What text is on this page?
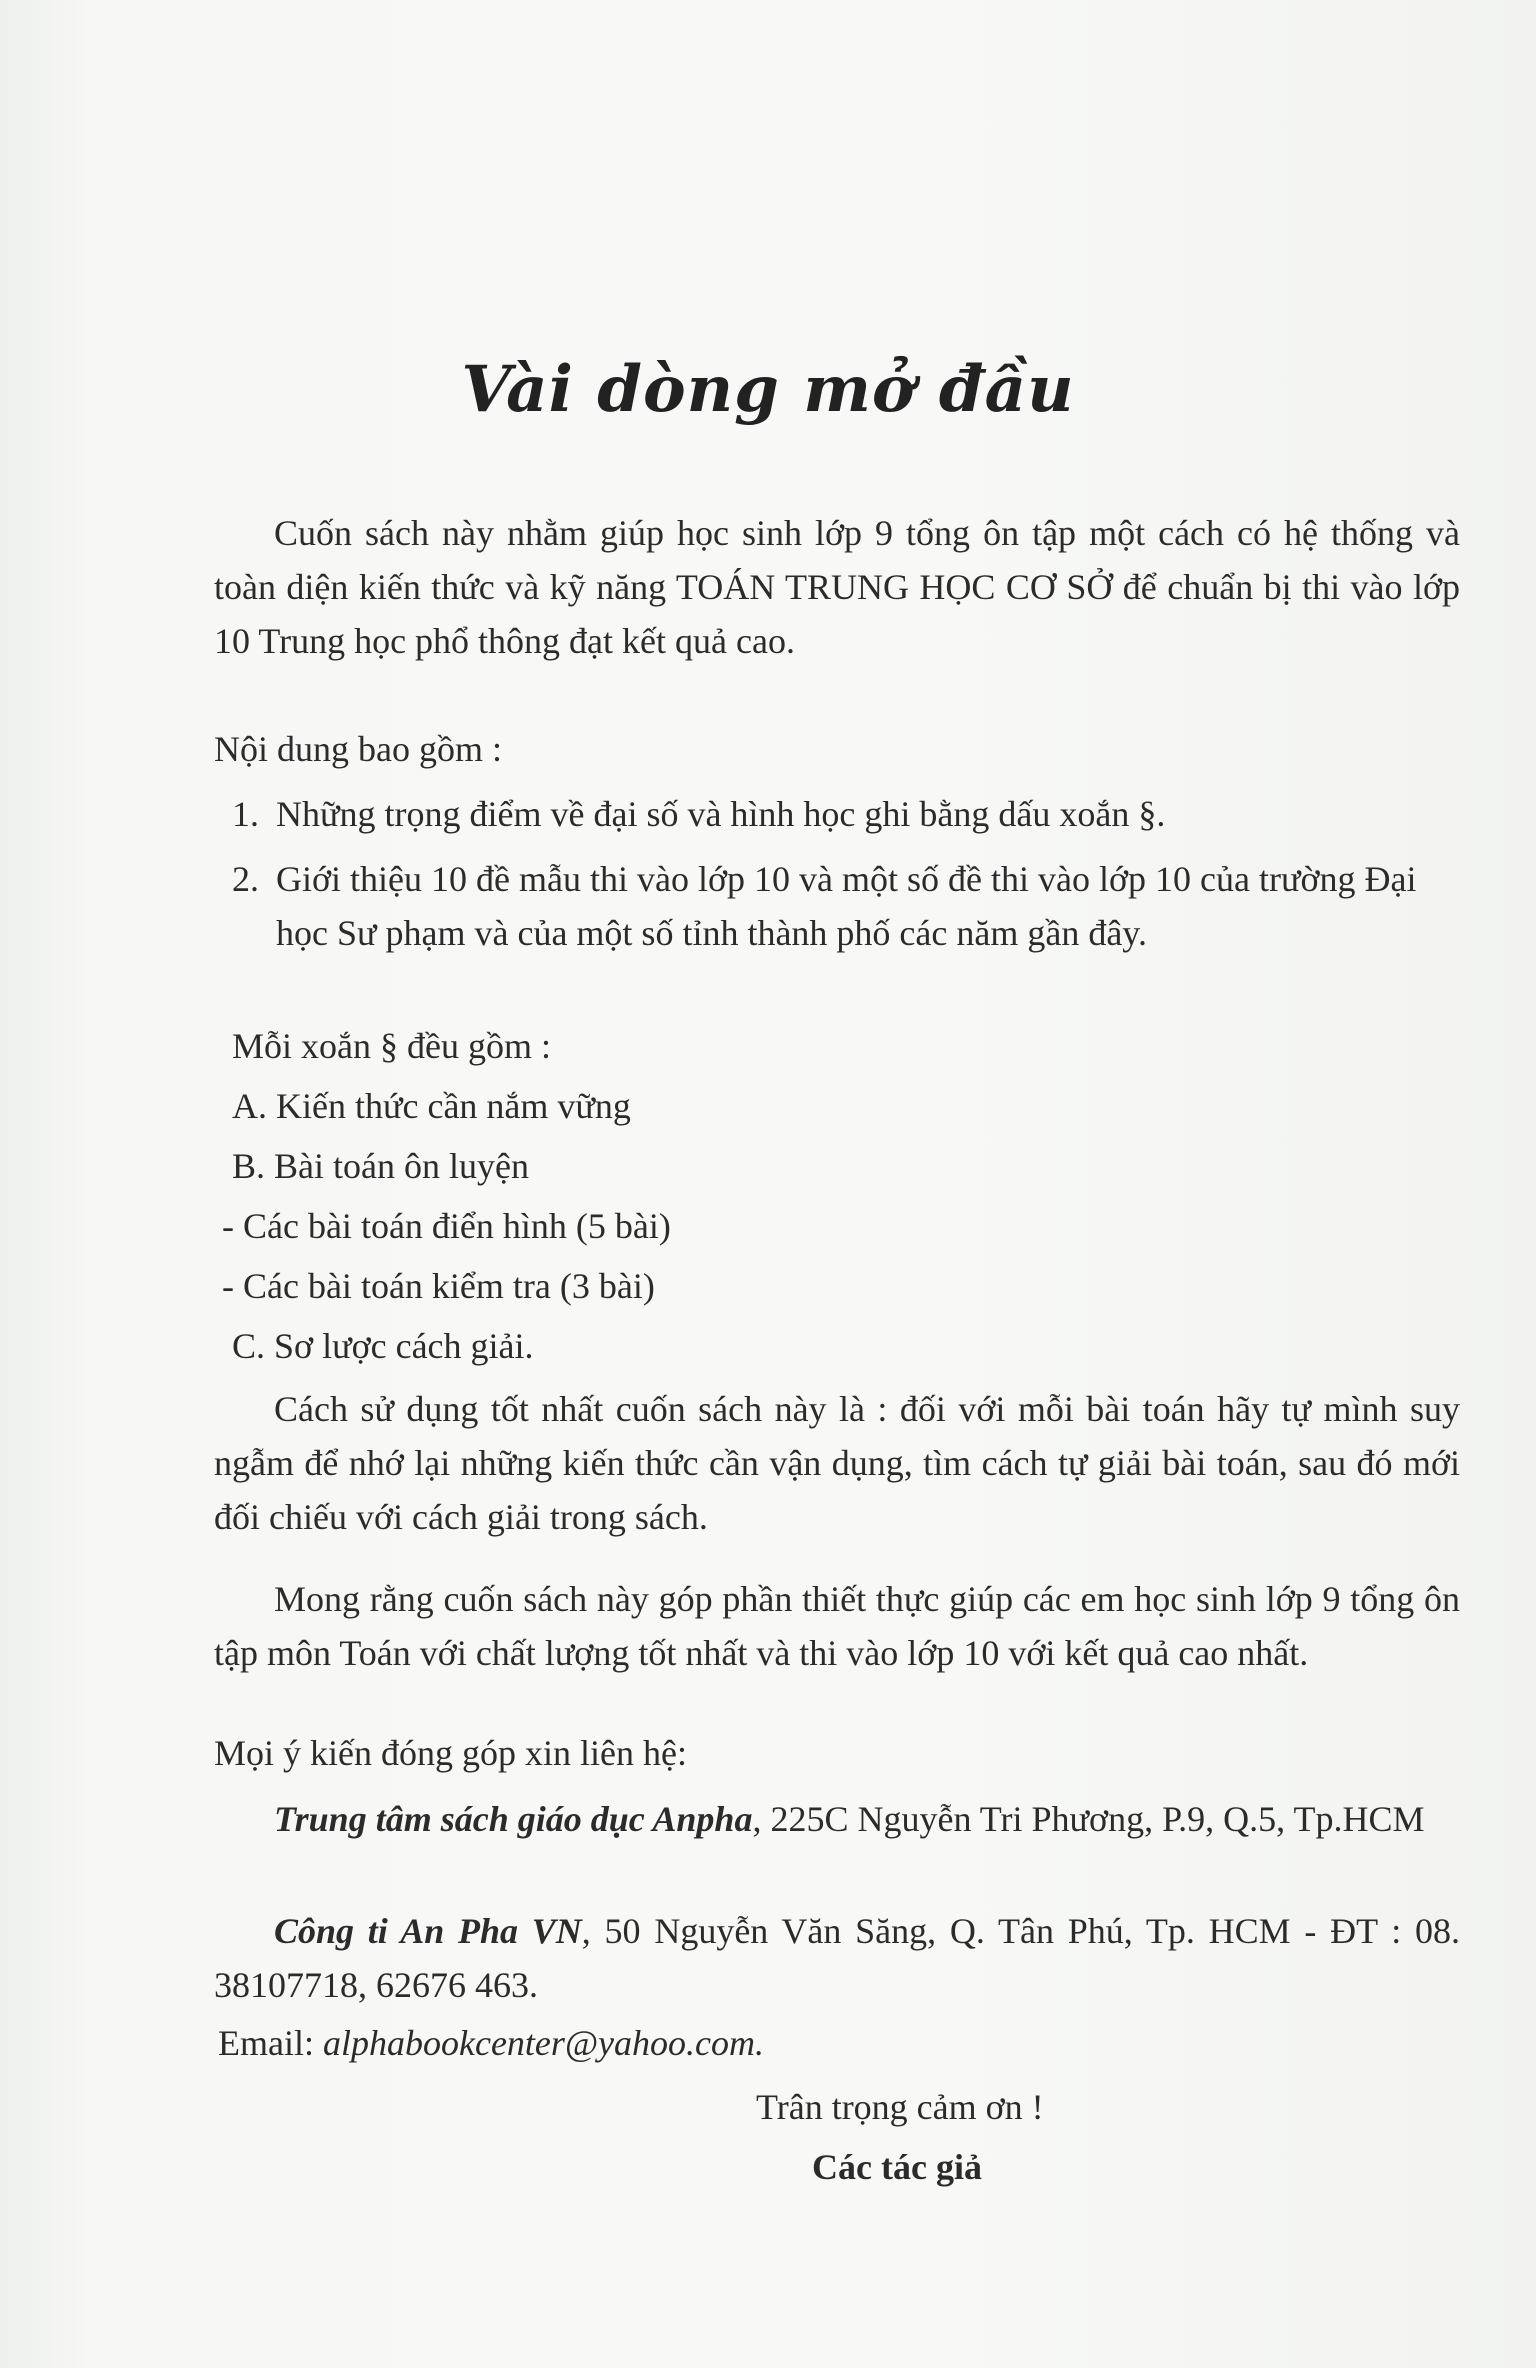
Vài dòng mở đầu
Cuốn sách này nhằm giúp học sinh lớp 9 tổng ôn tập một cách có hệ thống và toàn diện kiến thức và kỹ năng TOÁN TRUNG HỌC CƠ SỞ để chuẩn bị thi vào lớp 10 Trung học phổ thông đạt kết quả cao.
Nội dung bao gồm :
1. Những trọng điểm về đại số và hình học ghi bằng dấu xoắn §.
2. Giới thiệu 10 đề mẫu thi vào lớp 10 và một số đề thi vào lớp 10 của trường Đại học Sư phạm và của một số tỉnh thành phố các năm gần đây.
Mỗi xoắn § đều gồm :
A. Kiến thức cần nắm vững
B. Bài toán ôn luyện
- Các bài toán điển hình (5 bài)
- Các bài toán kiểm tra (3 bài)
C. Sơ lược cách giải.
Cách sử dụng tốt nhất cuốn sách này là : đối với mỗi bài toán hãy tự mình suy ngẫm để nhớ lại những kiến thức cần vận dụng, tìm cách tự giải bài toán, sau đó mới đối chiếu với cách giải trong sách.
Mong rằng cuốn sách này góp phần thiết thực giúp các em học sinh lớp 9 tổng ôn tập môn Toán với chất lượng tốt nhất và thi vào lớp 10 với kết quả cao nhất.
Mọi ý kiến đóng góp xin liên hệ:
Trung tâm sách giáo dục Anpha, 225C Nguyễn Tri Phương, P.9, Q.5, Tp.HCM
Công ti An Pha VN, 50 Nguyễn Văn Săng, Q. Tân Phú, Tp. HCM - ĐT : 08. 38107718, 62676 463.
Email: alphabookcenter@yahoo.com.
Trân trọng cảm ơn !
Các tác giả
